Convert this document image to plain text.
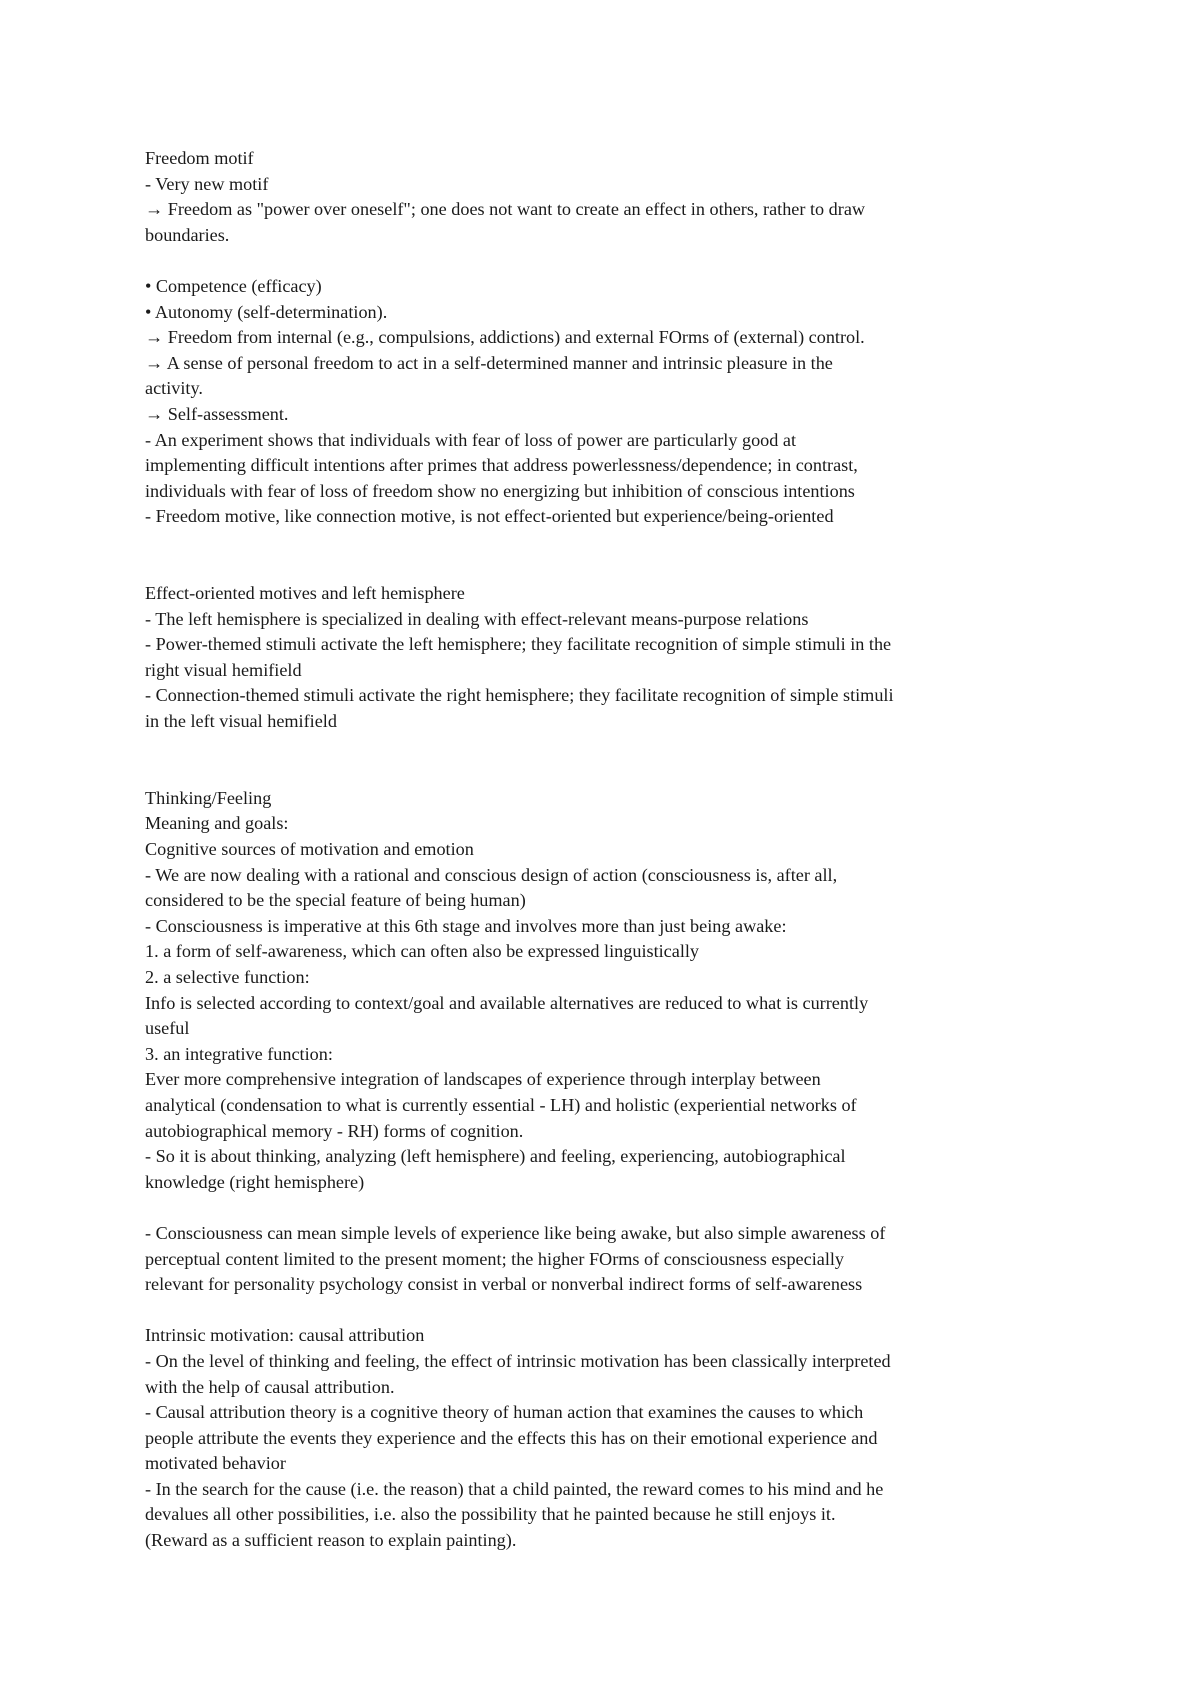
Freedom motif
- Very new motif
→ Freedom as "power over oneself"; one does not want to create an effect in others, rather to draw
boundaries.
• Competence (efficacy)
• Autonomy (self-determination).
→ Freedom from internal (e.g., compulsions, addictions) and external FOrms of (external) control.
→ A sense of personal freedom to act in a self-determined manner and intrinsic pleasure in the
activity.
→ Self-assessment.
- An experiment shows that individuals with fear of loss of power are particularly good at
implementing difficult intentions after primes that address powerlessness/dependence; in contrast,
individuals with fear of loss of freedom show no energizing but inhibition of conscious intentions
- Freedom motive, like connection motive, is not effect-oriented but experience/being-oriented
Effect-oriented motives and left hemisphere
- The left hemisphere is specialized in dealing with effect-relevant means-purpose relations
- Power-themed stimuli activate the left hemisphere; they facilitate recognition of simple stimuli in the
right visual hemifield
- Connection-themed stimuli activate the right hemisphere; they facilitate recognition of simple stimuli
in the left visual hemifield
Thinking/Feeling
Meaning and goals:
Cognitive sources of motivation and emotion
- We are now dealing with a rational and conscious design of action (consciousness is, after all,
considered to be the special feature of being human)
- Consciousness is imperative at this 6th stage and involves more than just being awake:
1. a form of self-awareness, which can often also be expressed linguistically
2. a selective function:
Info is selected according to context/goal and available alternatives are reduced to what is currently
useful
3. an integrative function:
Ever more comprehensive integration of landscapes of experience through interplay between
analytical (condensation to what is currently essential - LH) and holistic (experiential networks of
autobiographical memory - RH) forms of cognition.
- So it is about thinking, analyzing (left hemisphere) and feeling, experiencing, autobiographical
knowledge (right hemisphere)
- Consciousness can mean simple levels of experience like being awake, but also simple awareness of
perceptual content limited to the present moment; the higher FOrms of consciousness especially
relevant for personality psychology consist in verbal or nonverbal indirect forms of self-awareness
Intrinsic motivation: causal attribution
- On the level of thinking and feeling, the effect of intrinsic motivation has been classically interpreted
with the help of causal attribution.
- Causal attribution theory is a cognitive theory of human action that examines the causes to which
people attribute the events they experience and the effects this has on their emotional experience and
motivated behavior
- In the search for the cause (i.e. the reason) that a child painted, the reward comes to his mind and he
devalues all other possibilities, i.e. also the possibility that he painted because he still enjoys it.
(Reward as a sufficient reason to explain painting).
